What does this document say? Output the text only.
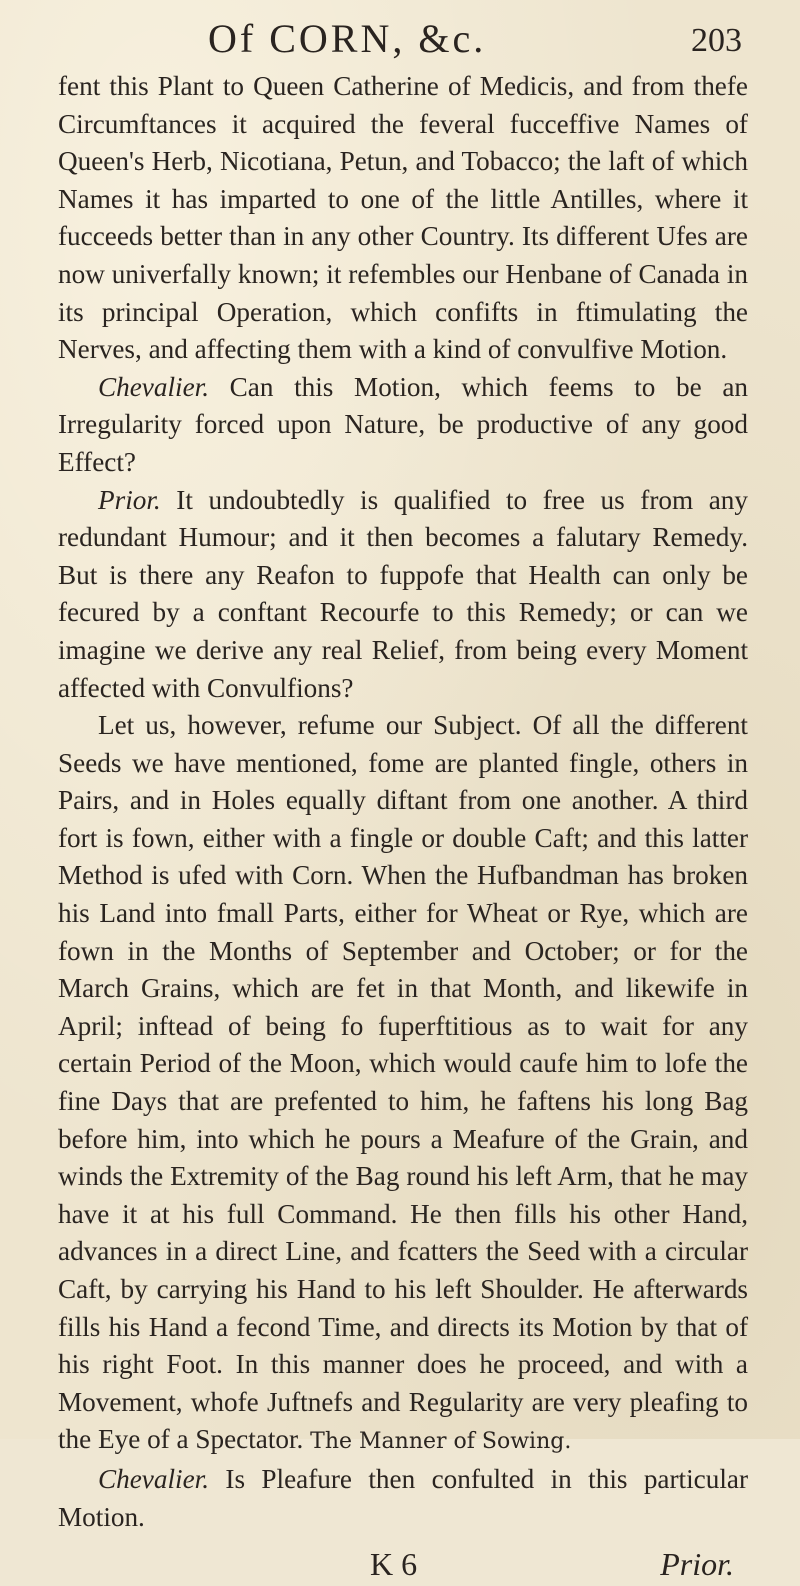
Of CORN, &c.	203

fent this Plant to Queen Catherine of Medicis, and from thefe Circumftances it acquired the feveral fucceffive Names of Queen's Herb, Nicotiana, Petun, and Tobacco; the laft of which Names it has imparted to one of the little Antilles, where it fucceeds better than in any other Country. Its different Ufes are now univerfally known; it refembles our Henbane of Canada in its principal Operation, which confifts in ftimulating the Nerves, and affecting them with a kind of convulfive Motion.

Chevalier. Can this Motion, which feems to be an Irregularity forced upon Nature, be productive of any good Effect?

Prior. It undoubtedly is qualified to free us from any redundant Humour; and it then becomes a falutary Remedy. But is there any Reafon to fuppofe that Health can only be fecured by a conftant Recourfe to this Remedy; or can we imagine we derive any real Relief, from being every Moment affected with Convulfions?

Let us, however, refume our Subject. Of all the different Seeds we have mentioned, fome are planted fingle, others in Pairs, and in Holes equally diftant from one another. A third fort is fown, either with a fingle or double Caft; and this latter Method is ufed with Corn. When the Hufbandman has broken his Land into fmall Parts, either for Wheat or Rye, which are fown in the Months of September and October; or for the March Grains, which are fet in that Month, and likewife in April; inftead of being fo fuperftitious as to wait for any certain Period of the Moon, which would caufe him to lofe the fine Days that are prefented to him, he faftens his long Bag before him, into which he pours a Meafure of the Grain, and winds the Extremity of the Bag round his left Arm, that he may have it at his full Command. He then fills his other Hand, advances in a direct Line, and fcatters the Seed with a circular Caft, by carrying his Hand to his left Shoulder. He afterwards fills his Hand a fecond Time, and directs its Motion by that of his right Foot. In this manner does he proceed, and with a Movement, whofe Juftnefs and Regularity are very pleafing to the Eye of a Spectator. The Manner of Sowing.

Chevalier. Is Pleafure then confulted in this particular Motion.

K 6	Prior.
